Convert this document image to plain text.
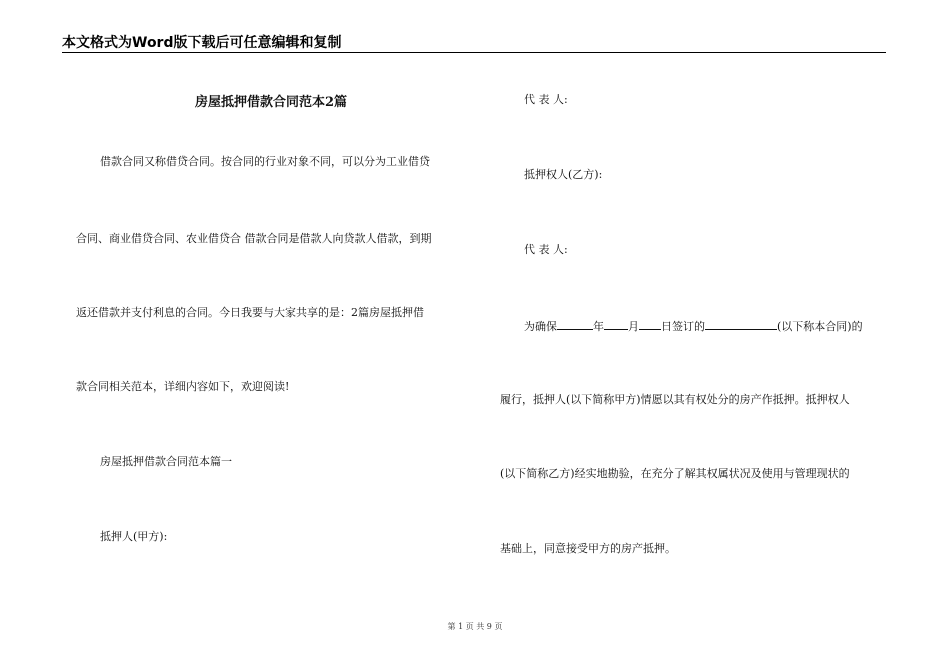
本文格式为Word版下载后可任意编辑和复制
房屋抵押借款合同范本2篇
借款合同又称借贷合同。按合同的行业对象不同，可以分为工业借贷
合同、商业借贷合同、农业借贷合 借款合同是借款人向贷款人借款，到期
返还借款并支付利息的合同。今日我要与大家共享的是：2篇房屋抵押借
款合同相关范本，详细内容如下，欢迎阅读!
房屋抵押借款合同范本篇一
抵押人(甲方):
代 表 人:
抵押权人(乙方):
代 表 人:
为确保	年 月 日签订的	(以下称本合同)的
履行，抵押人(以下简称甲方)情愿以其有权处分的房产作抵押。抵押权人
(以下简称乙方)经实地勘验，在充分了解其权属状况及使用与管理现状的
基础上，同意接受甲方的房产抵押。
第 1 页 共 9 页
